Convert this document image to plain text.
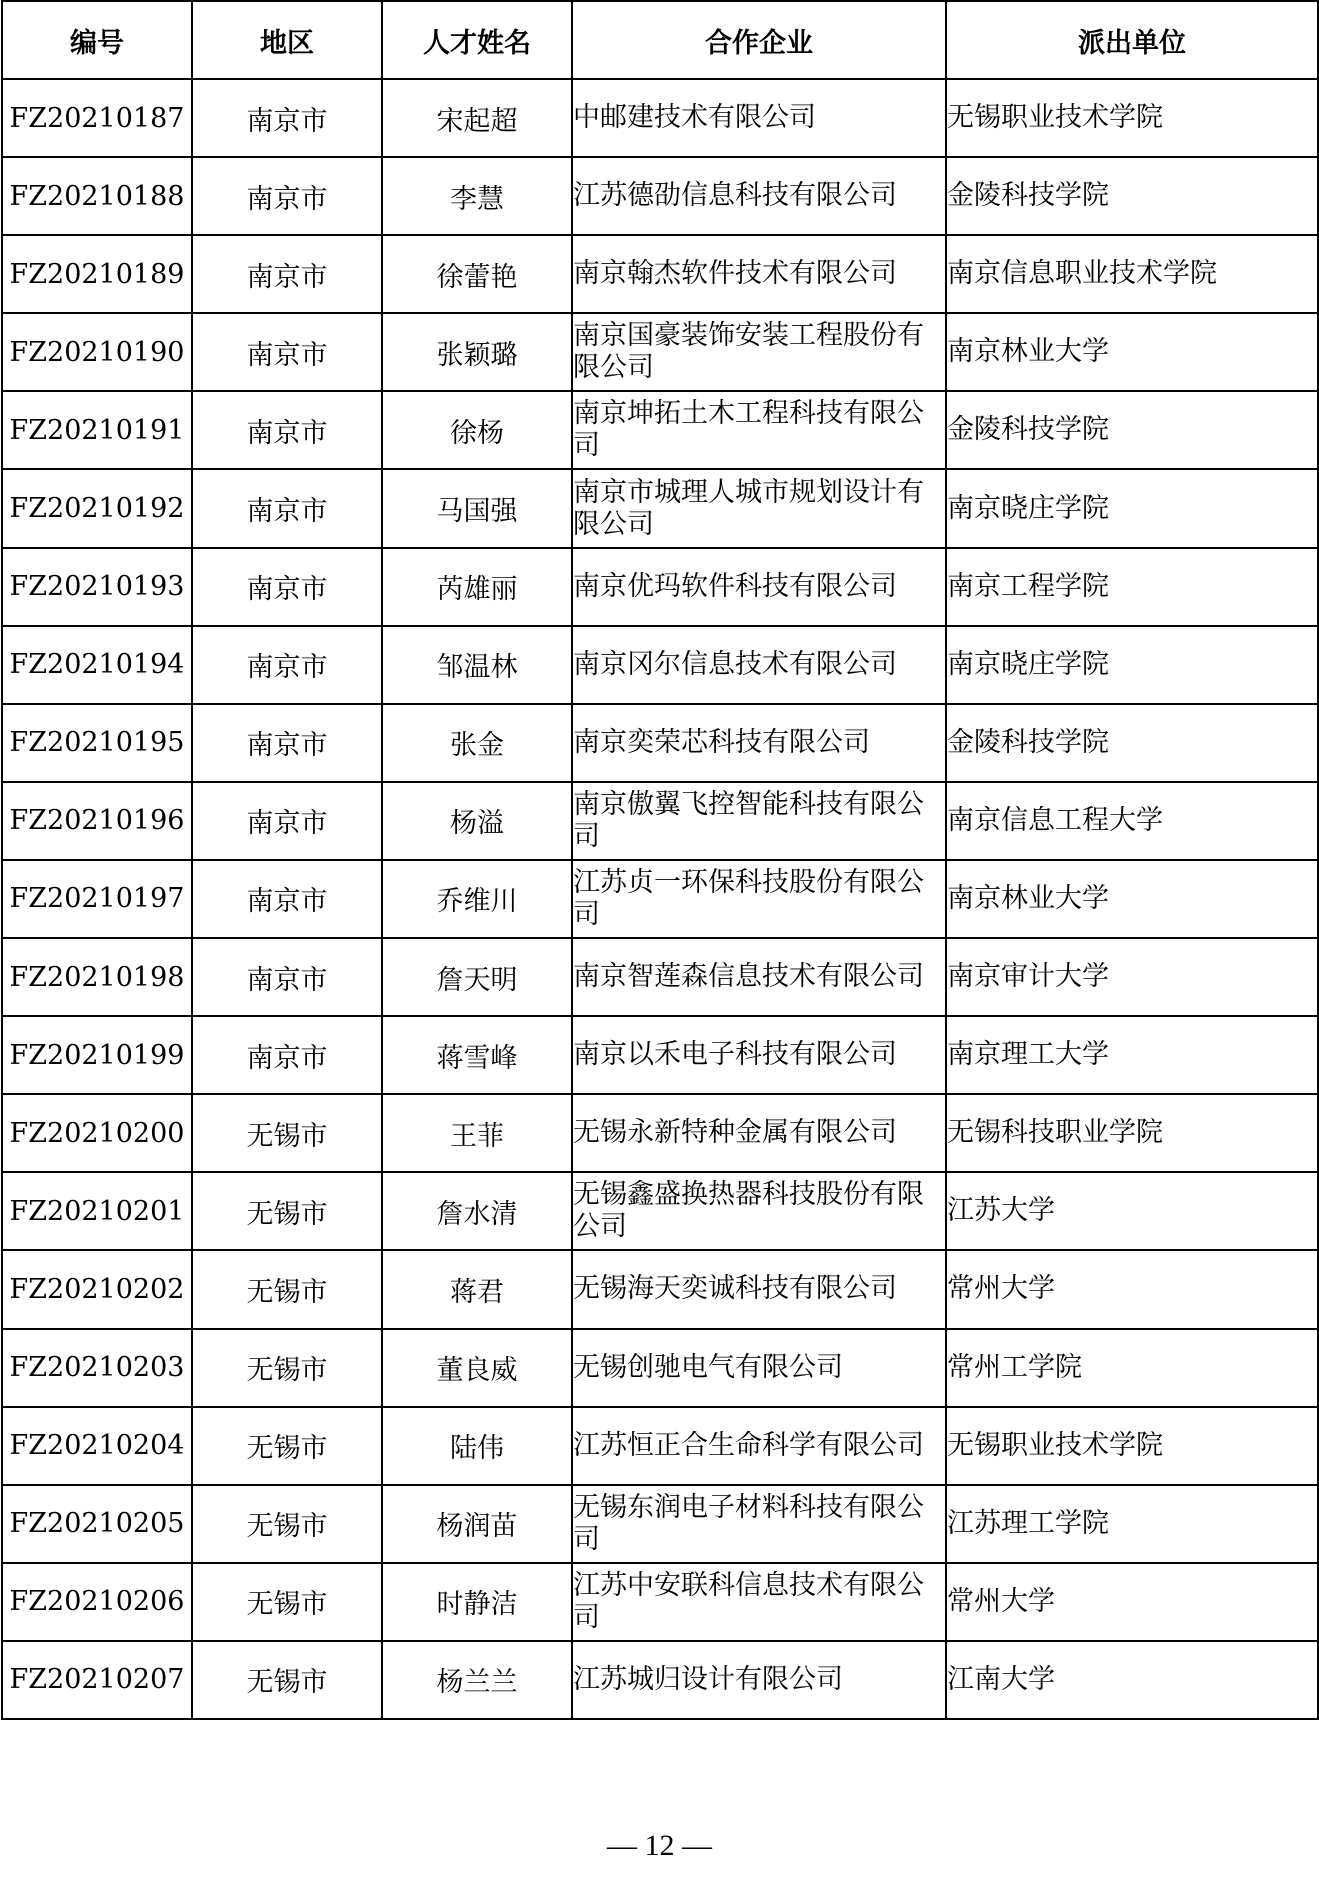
编号	地区	人才姓名	合作企业	派出单位
FZ20210187	南京市	宋起超	中邮建技术有限公司	无锡职业技术学院
FZ20210188	南京市	李慧	江苏德劭信息科技有限公司	金陵科技学院
FZ20210189	南京市	徐蕾艳	南京翰杰软件技术有限公司	南京信息职业技术学院
FZ20210190	南京市	张颖璐	南京国豪装饰安装工程股份有限公司	南京林业大学
FZ20210191	南京市	徐杨	南京坤拓土木工程科技有限公司	金陵科技学院
FZ20210192	南京市	马国强	南京市城理人城市规划设计有限公司	南京晓庄学院
FZ20210193	南京市	芮雄丽	南京优玛软件科技有限公司	南京工程学院
FZ20210194	南京市	邹温林	南京冈尔信息技术有限公司	南京晓庄学院
FZ20210195	南京市	张金	南京奕荣芯科技有限公司	金陵科技学院
FZ20210196	南京市	杨溢	南京傲翼飞控智能科技有限公司	南京信息工程大学
FZ20210197	南京市	乔维川	江苏贞一环保科技股份有限公司	南京林业大学
FZ20210198	南京市	詹天明	南京智莲森信息技术有限公司	南京审计大学
FZ20210199	南京市	蒋雪峰	南京以禾电子科技有限公司	南京理工大学
FZ20210200	无锡市	王菲	无锡永新特种金属有限公司	无锡科技职业学院
FZ20210201	无锡市	詹水清	无锡鑫盛换热器科技股份有限公司	江苏大学
FZ20210202	无锡市	蒋君	无锡海天奕诚科技有限公司	常州大学
FZ20210203	无锡市	董良威	无锡创驰电气有限公司	常州工学院
FZ20210204	无锡市	陆伟	江苏恒正合生命科学有限公司	无锡职业技术学院
FZ20210205	无锡市	杨润苗	无锡东润电子材料科技有限公司	江苏理工学院
FZ20210206	无锡市	时静洁	江苏中安联科信息技术有限公司	常州大学
FZ20210207	无锡市	杨兰兰	江苏城归设计有限公司	江南大学
— 12 —
